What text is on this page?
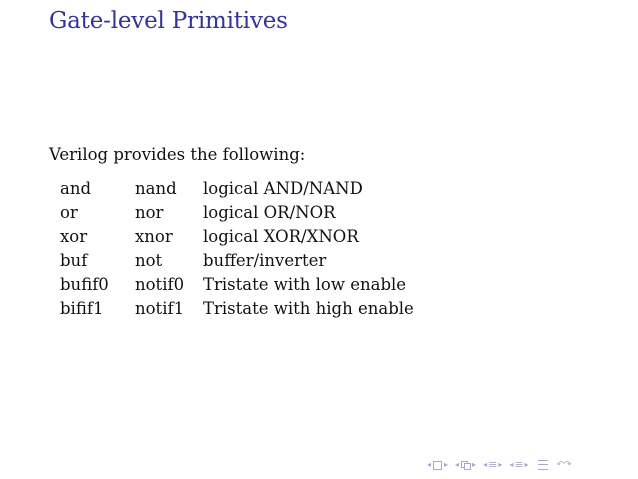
Gate-level Primitives
Verilog provides the following:
and	nand	logical AND/NAND
or	nor	logical OR/NOR
xor	xnor	logical XOR/XNOR
buf	not	buffer/inverter
bufif0	notif0	Tristate with low enable
bifif1	notif1	Tristate with high enable
◂ ▸ ◂ ▸ ◂ ≡ ▸ ◂ ≡ ▸	↶↷
